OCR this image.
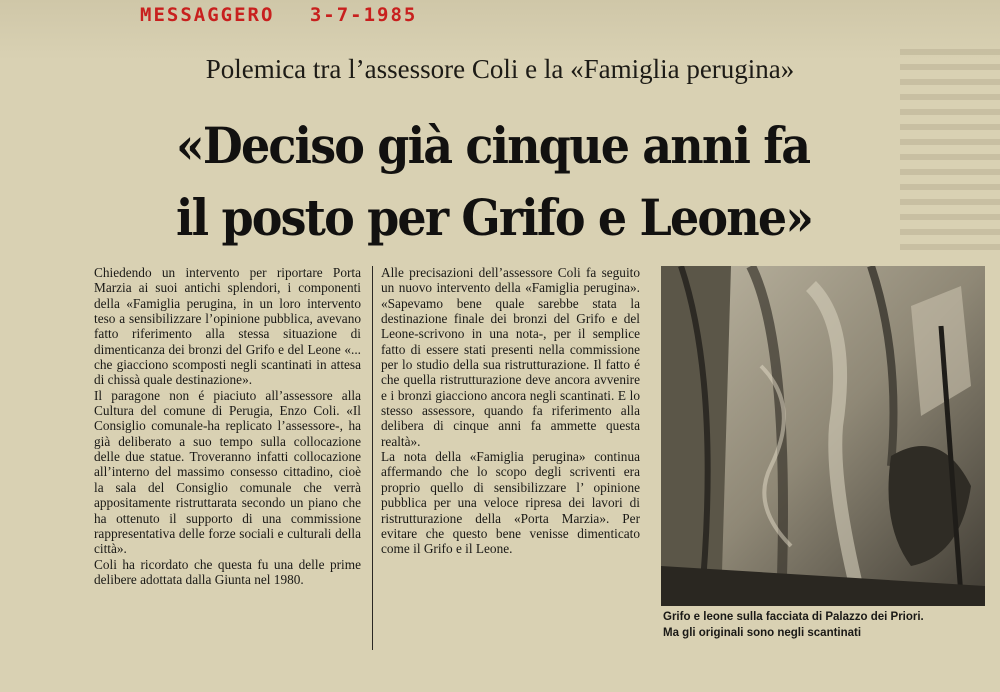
MESSAGGERO 3-7-1985
Polemica tra l’assessore Coli e la «Famiglia perugina»
«Deciso già cinque anni fa
il posto per Grifo e Leone»

Chiedendo un intervento per riportare Porta Marzia ai suoi antichi splendori, i componenti della «Famiglia perugina, in un loro intervento teso a sensibilizzare l’opinione pubblica, avevano fatto riferimento alla stessa situazione di dimenticanza dei bronzi del Grifo e del Leone «... che giacciono scomposti negli scantinati in attesa di chissà quale destinazione».

Il paragone non é piaciuto all’assessore alla Cultura del comune di Perugia, Enzo Coli. «Il Consiglio comunale-ha replicato l’assessore-, ha già deliberato a suo tempo sulla collocazione delle due statue. Troveranno infatti collocazione all’interno del massimo consesso cittadino, cioè la sala del Consiglio comunale che verrà appositamente ristruttarata secondo un piano che ha ottenuto il supporto di una commissione rappresentativa delle forze sociali e culturali della città».

Coli ha ricordato che questa fu una delle prime delibere adottata dalla Giunta nel 1980.

Alle precisazioni dell’assessore Coli fa seguito un nuovo intervento della «Famiglia perugina». «Sapevamo bene quale sarebbe stata la destinazione finale dei bronzi del Grifo e del Leone-scrivono in una nota-, per il semplice fatto di essere stati presenti nella commissione per lo studio della sua ristrutturazione. Il fatto é che quella ristrutturazione deve ancora avvenire e i bronzi giacciono ancora negli scantinati. E lo stesso assessore, quando fa riferimento alla delibera di cinque anni fa ammette questa realtà».

La nota della «Famiglia perugina» continua affermando che lo scopo degli scriventi era proprio quello di sensibilizzare l’ opinione pubblica per una veloce ripresa dei lavori di ristrutturazione della «Porta Marzia». Per evitare che questo bene venisse dimenticato come il Grifo e il Leone.

Grifo e leone sulla facciata di Palazzo dei Priori.
Ma gli originali sono negli scantinati
